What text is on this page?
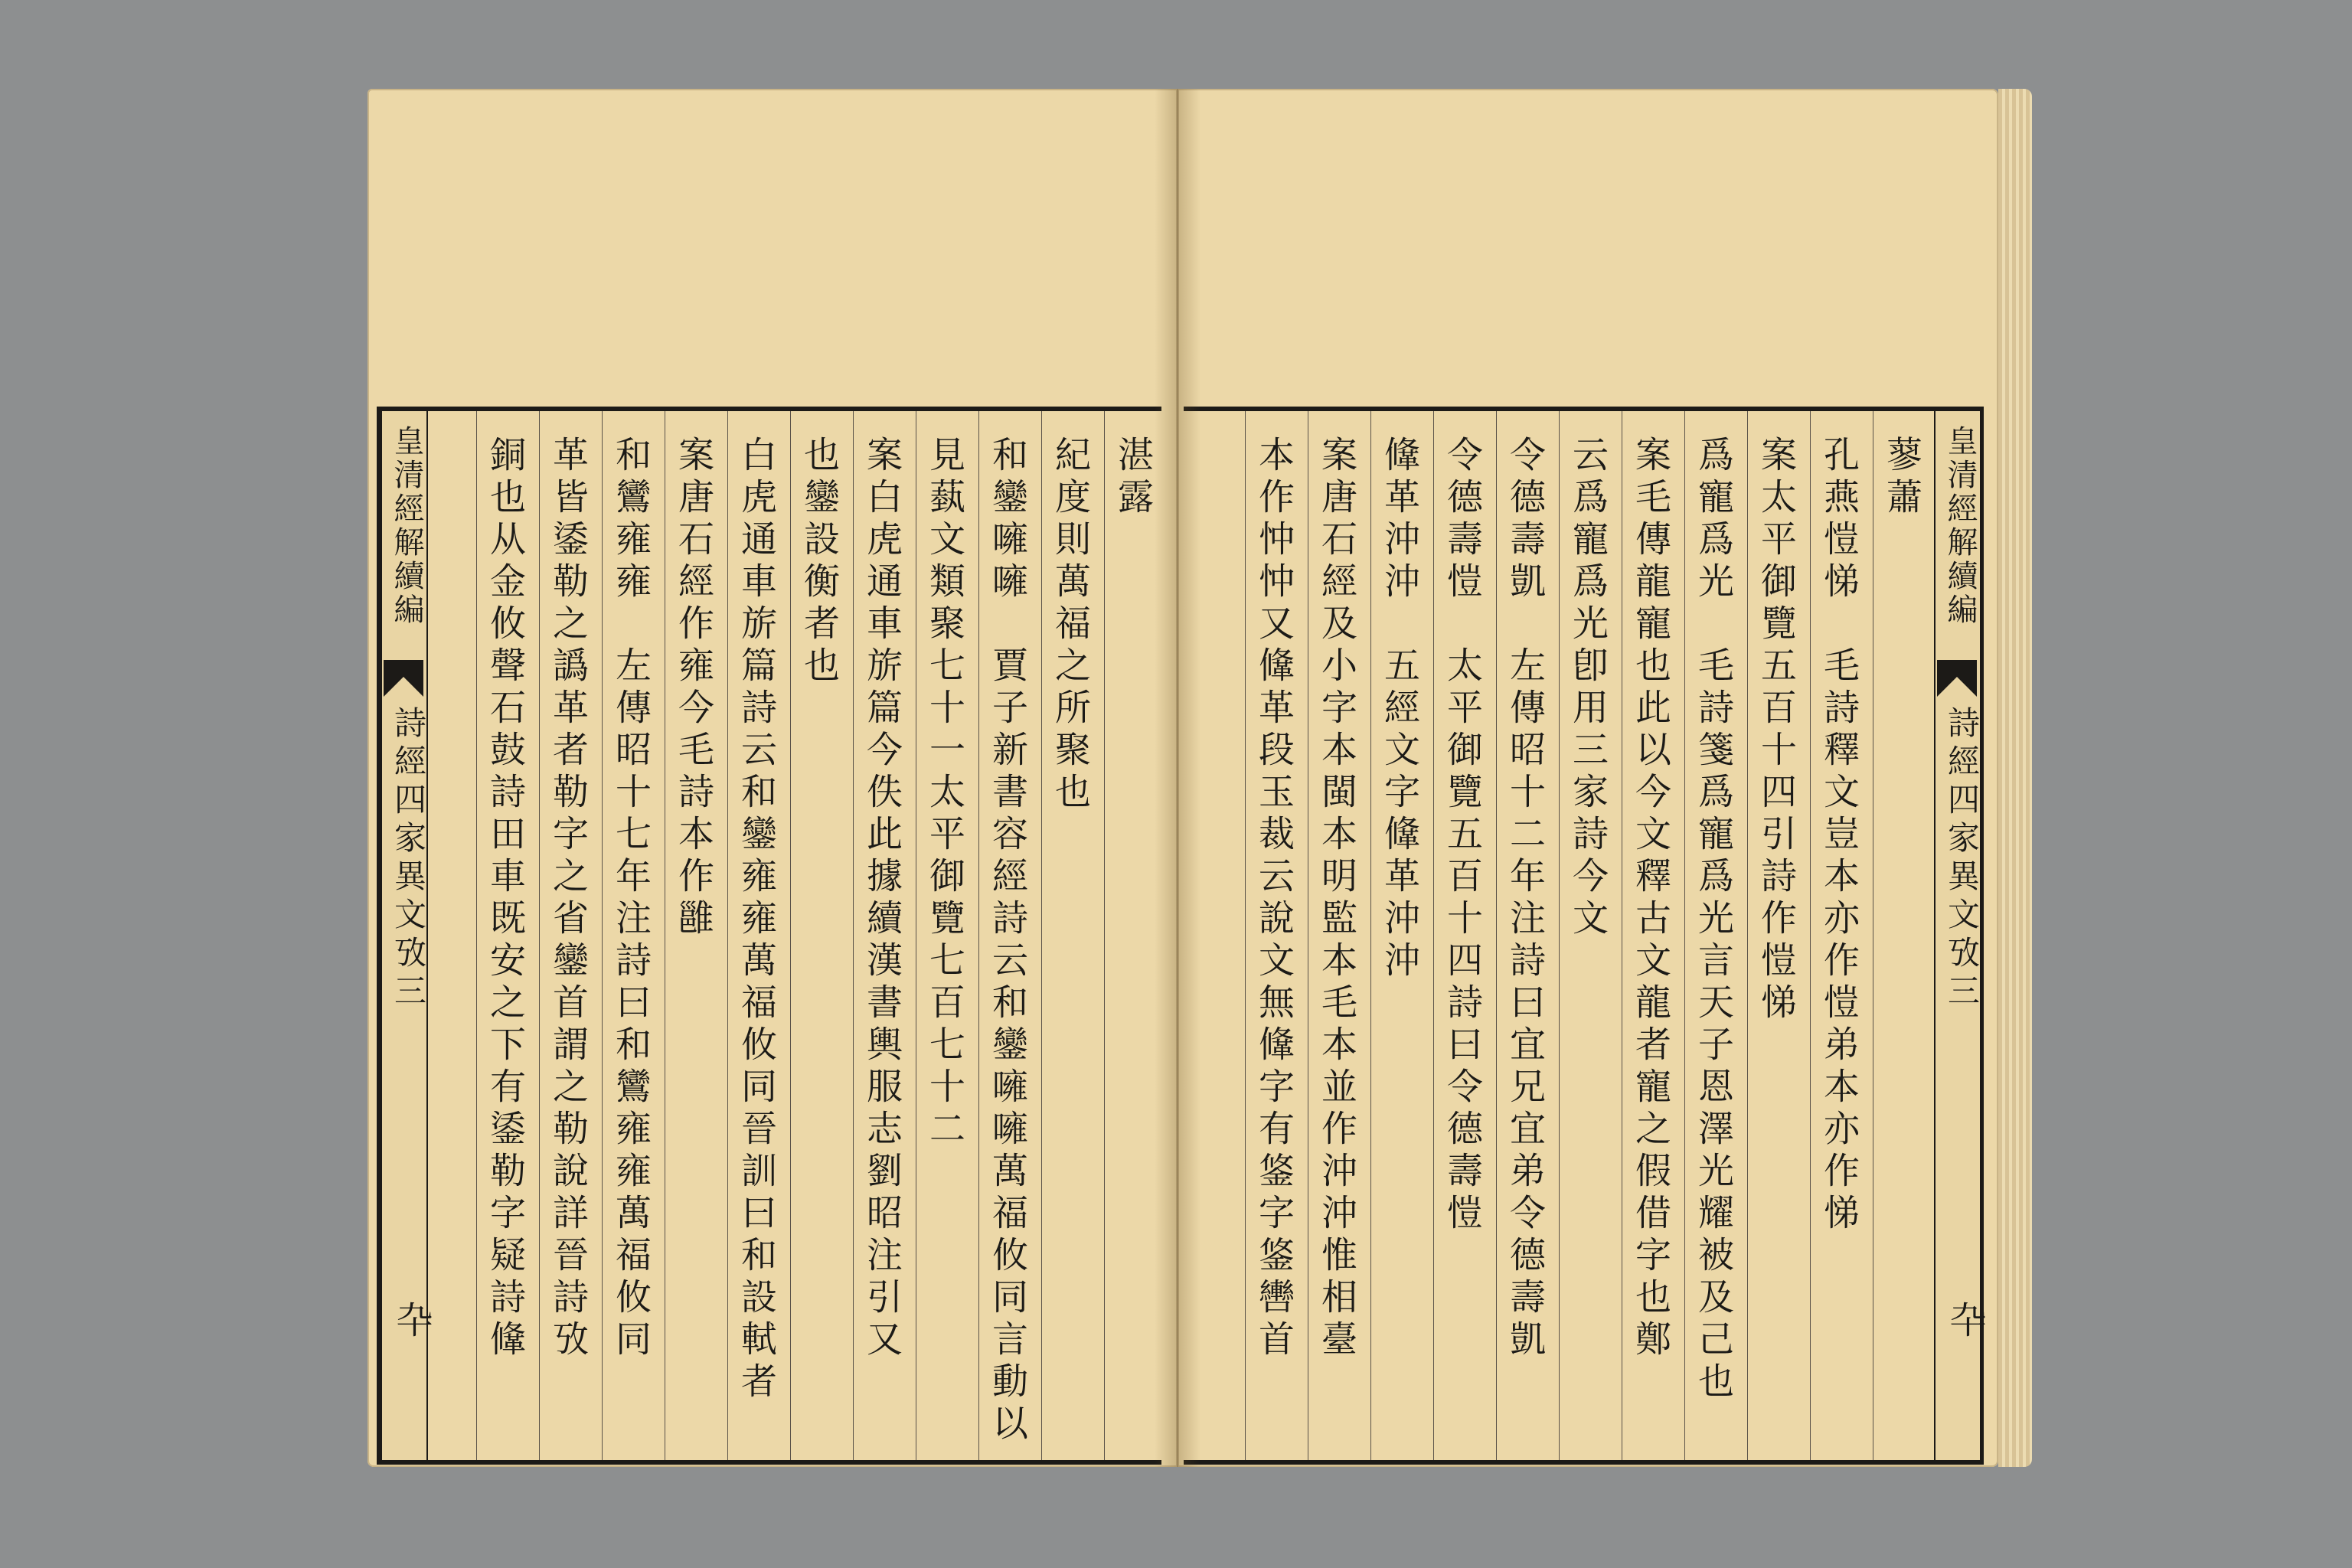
皇清經解續編
詩經四家異文攷三
卆
湛露
紀度則萬福之所聚也
和鑾噰噰　賈子新書容經詩云和鑾噰噰萬福攸同言動以
見蓺文類聚七十一太平御覽七百七十二
案白虎通車旂篇今佚此據續漢書輿服志劉昭注引又
也鑾設衡者也
白虎通車旂篇詩云和鑾雍雍萬福攸同晉訓曰和設軾者
案唐石經作雍今毛詩本作雝
和鸞雍雍　左傳昭十七年注詩曰和鸞雍雍萬福攸同
革皆鋈勒之譌革者勒字之省鑾首謂之勒說詳晉詩攷
銅也从金攸聲石鼓詩田車既安之下有鋈勒字疑詩鞗	皇清經解續編
詩經四家異文攷三
卆
蓼蕭
孔燕愷悌　毛詩釋文豈本亦作愷弟本亦作悌
案太平御覽五百十四引詩作愷悌
爲寵爲光　毛詩箋爲寵爲光言天子恩澤光耀被及己也
案毛傳龍寵也此以今文釋古文龍者寵之假借字也鄭
云爲寵爲光卽用三家詩今文
令德壽凱　左傳昭十二年注詩曰宜兄宜弟令德壽凱
令德壽愷　太平御覽五百十四詩曰令德壽愷
鞗革沖沖　五經文字鞗革沖沖
案唐石經及小字本閩本明監本毛本並作沖沖惟相臺
本作忡忡又鞗革段玉裁云說文無鞗字有鋚字鋚轡首
